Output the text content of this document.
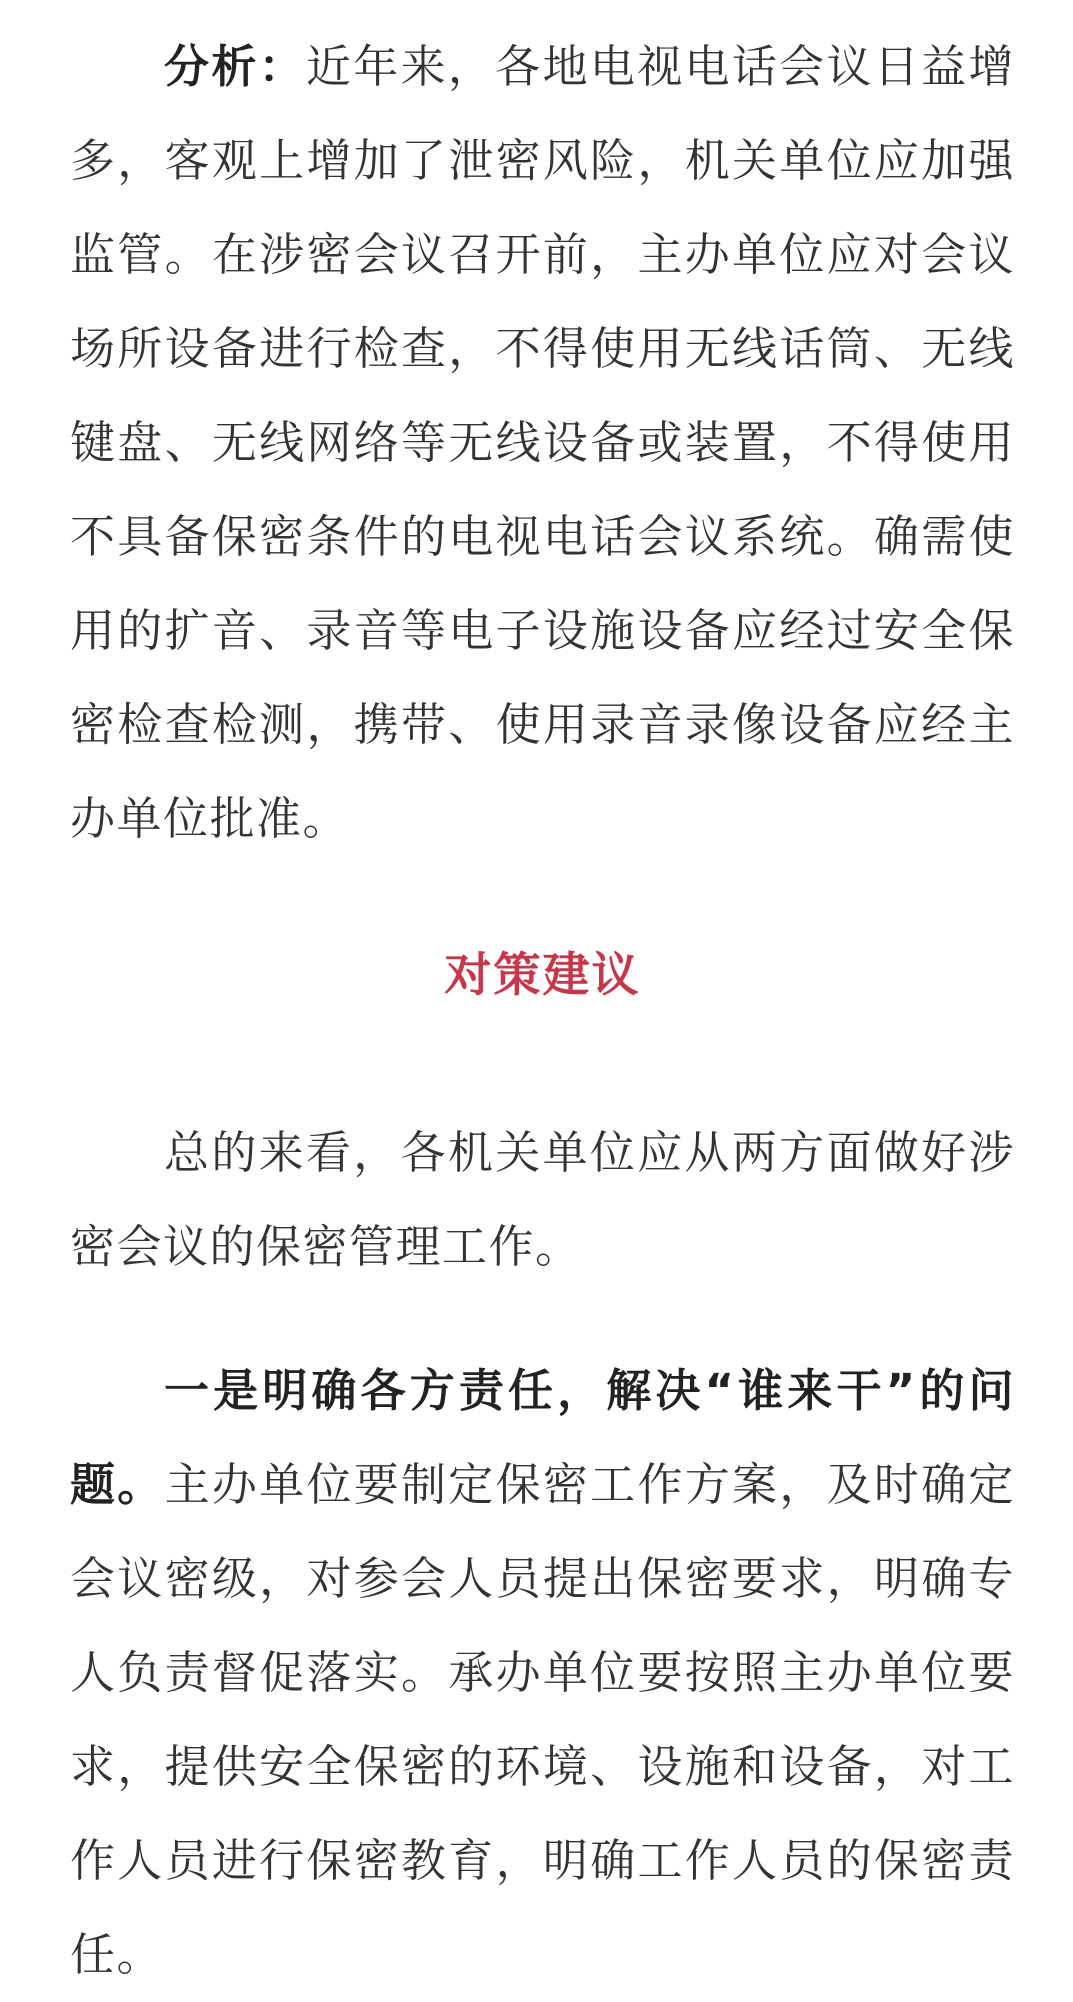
分析：近年来，各地电视电话会议日益增多，客观上增加了泄密风险，机关单位应加强监管。在涉密会议召开前，主办单位应对会议场所设备进行检查，不得使用无线话筒、无线键盘、无线网络等无线设备或装置，不得使用不具备保密条件的电视电话会议系统。确需使用的扩音、录音等电子设施设备应经过安全保密检查检测，携带、使用录音录像设备应经主办单位批准。

对策建议

总的来看，各机关单位应从两方面做好涉密会议的保密管理工作。

一是明确各方责任，解决“谁来干”的问题。主办单位要制定保密工作方案，及时确定会议密级，对参会人员提出保密要求，明确专人负责督促落实。承办单位要按照主办单位要求，提供安全保密的环境、设施和设备，对工作人员进行保密教育，明确工作人员的保密责任。
